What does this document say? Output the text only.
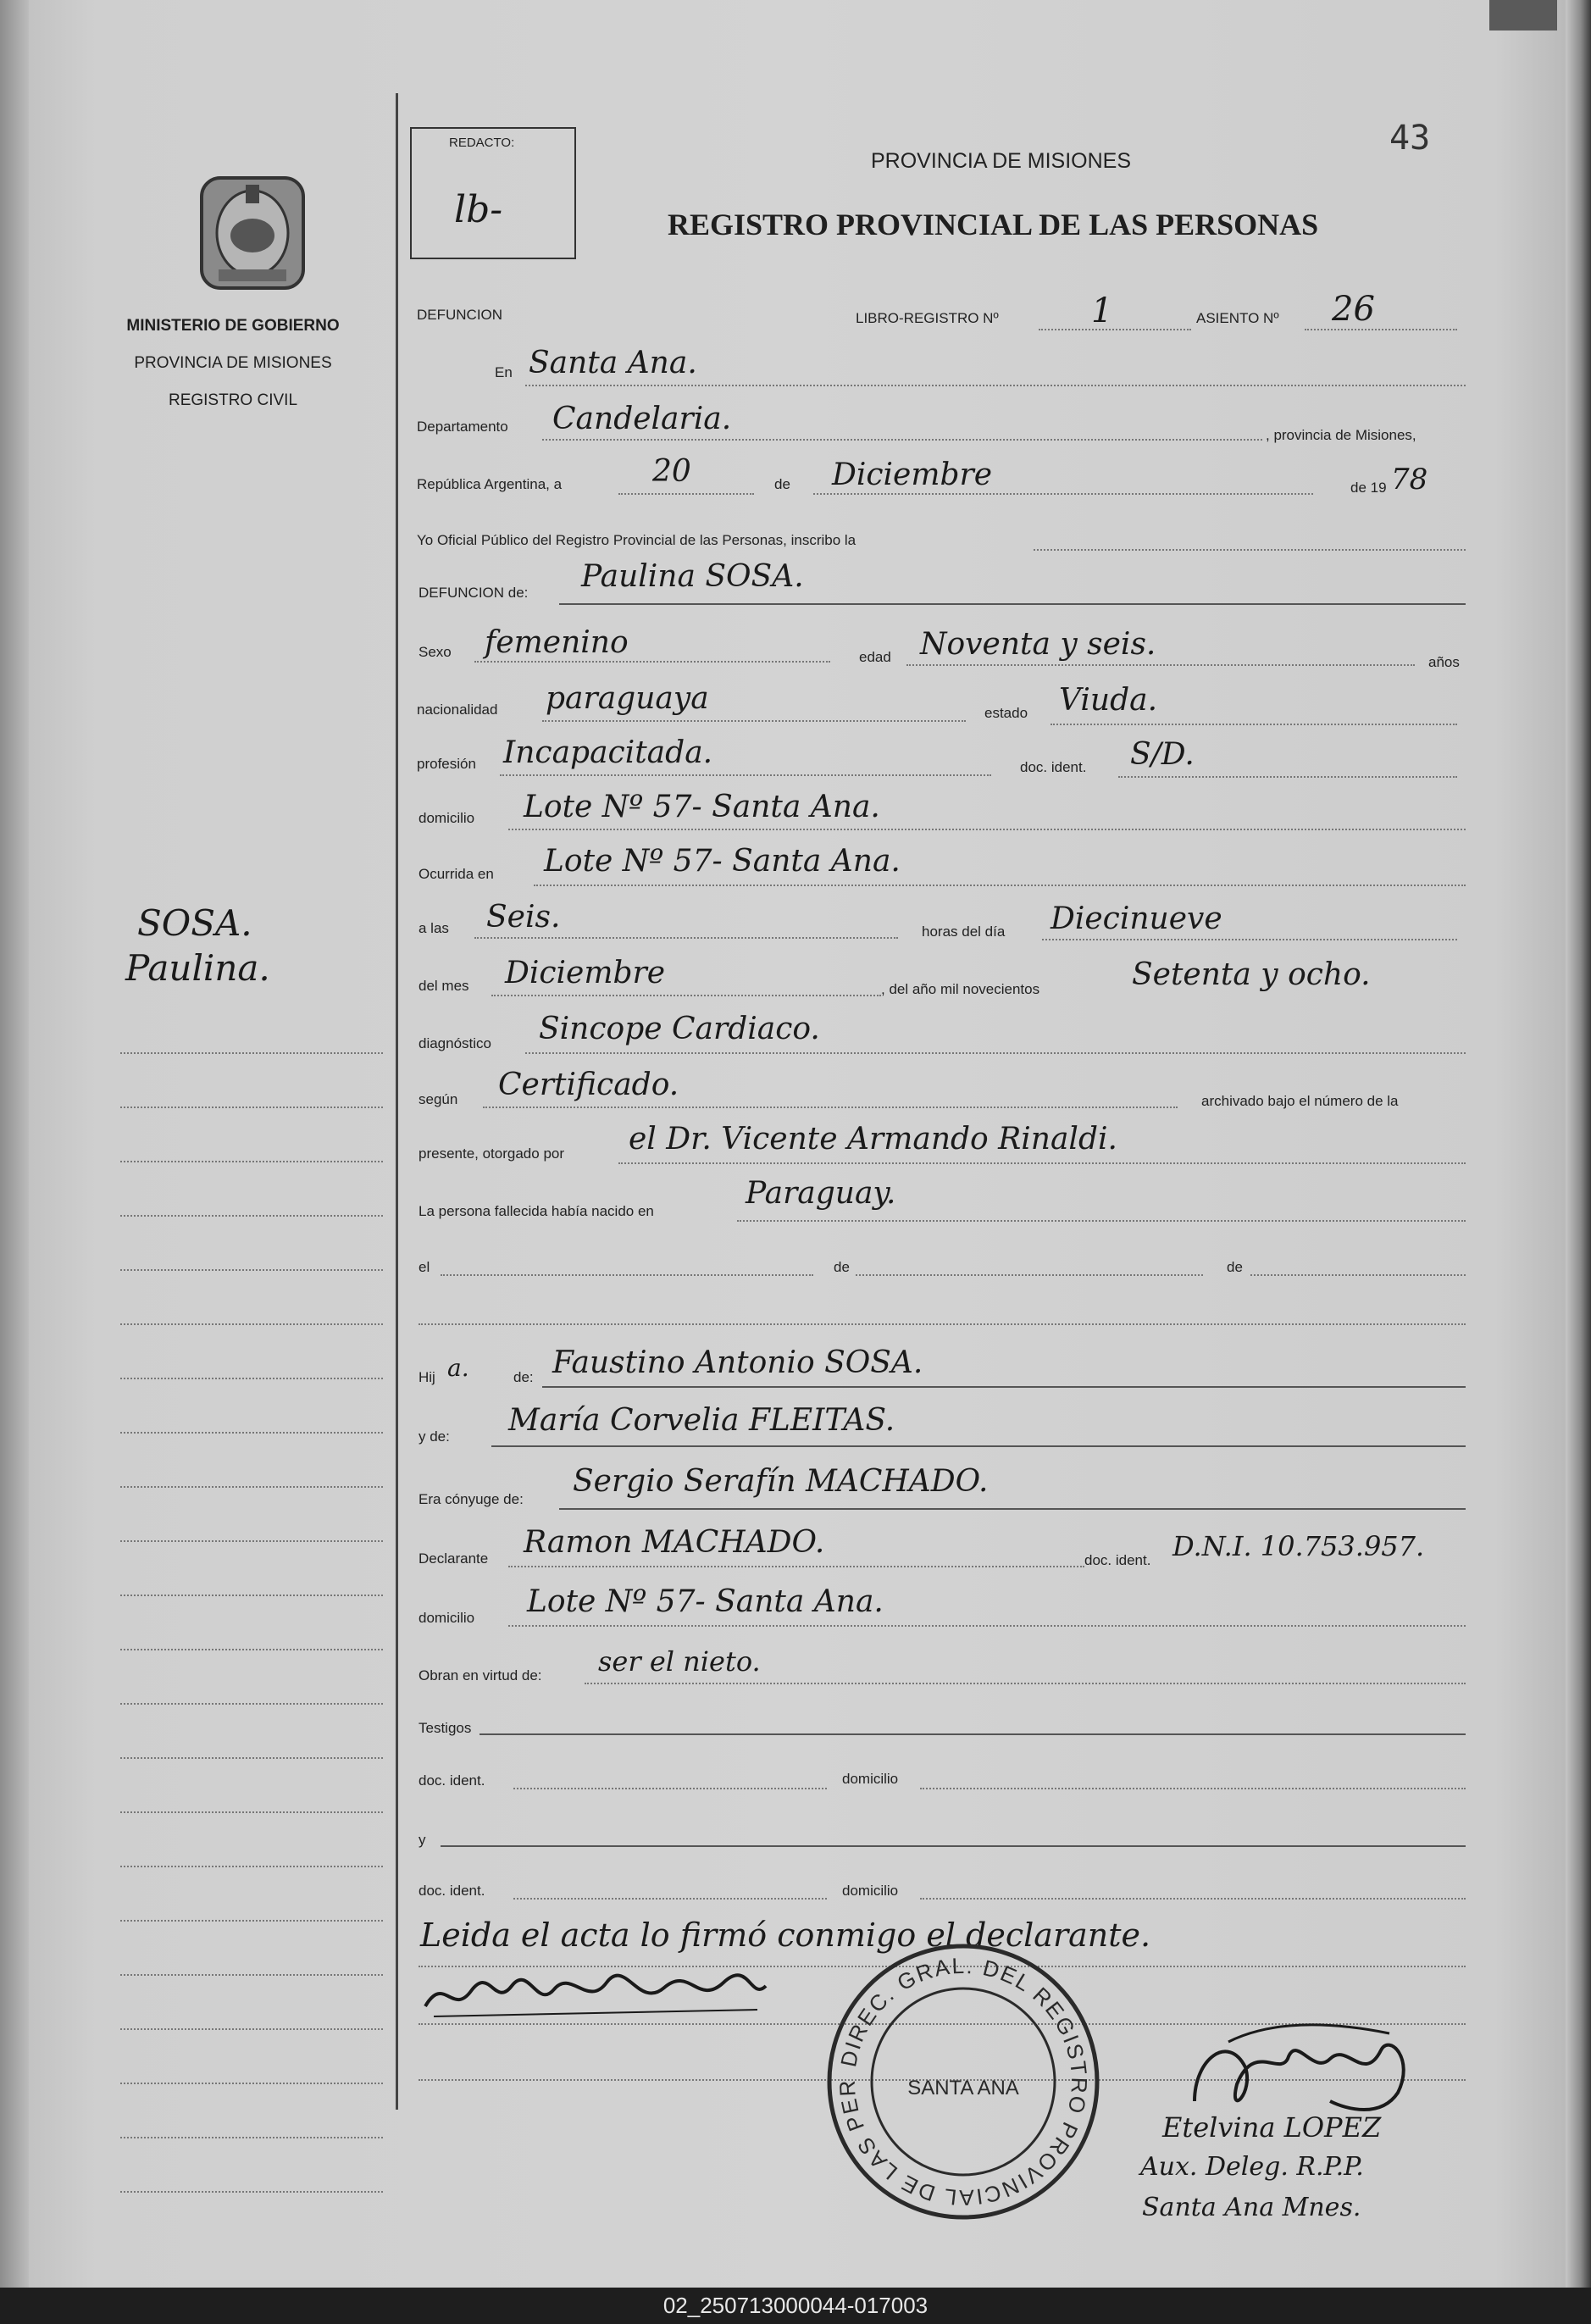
MINISTERIO DE GOBIERNO
PROVINCIA DE MISIONES
REGISTRO CIVIL
SOSA.
Paulina.
REDACTO:
lb-
43
PROVINCIA DE MISIONES
REGISTRO PROVINCIAL DE LAS PERSONAS
DEFUNCION	LIBRO-REGISTRO Nº	1	ASIENTO Nº 26
En Santa Ana.
Departamento Candelaria.	, provincia de Misiones,
República Argentina, a	20	de Diciembre	de 19 78
Yo Oficial Público del Registro Provincial de las Personas, inscribo la
DEFUNCION de: Paulina SOSA.
Sexo femenino	edad Noventa y seis.
años
nacionalidad paraguaya	estado Viuda.
profesión Incapacitada.	doc. ident. S/D.
domicilio Lote Nº 57- Santa Ana.
Ocurrida en Lote Nº 57- Santa Ana.
a las Seis.	horas del día Diecinueve
del mes Diciembre	, del año mil novecientos	Setenta y ocho.
diagnóstico Sincope Cardiaco.
según Certificado.	archivado bajo el número de la
presente, otorgado por el Dr. Vicente Armando Rinaldi.
La persona fallecida había nacido en
Paraguay.
el	de	de
Hij a.	de: Faustino Antonio SOSA.
y de: María Corvelia FLEITAS.
Era cónyuge de:
Sergio Serafín MACHADO.
Declarante Ramon MACHADO.
doc. ident. D.N.I. 10.753.957.
domicilio Lote Nº 57- Santa Ana.
Obran en virtud de: ser el nieto.
Testigos
doc. ident.	domicilio
y
doc. ident.	domicilio
Leida el acta lo firmó conmigo el declarante.
DIREC. GRAL. DEL REGISTRO PROVINCIAL DE LAS PER	SANTA ANA
Etelvina LOPEZ
Aux. Deleg. R.P.P.
Santa Ana Mnes.
02_250713000044-017003
